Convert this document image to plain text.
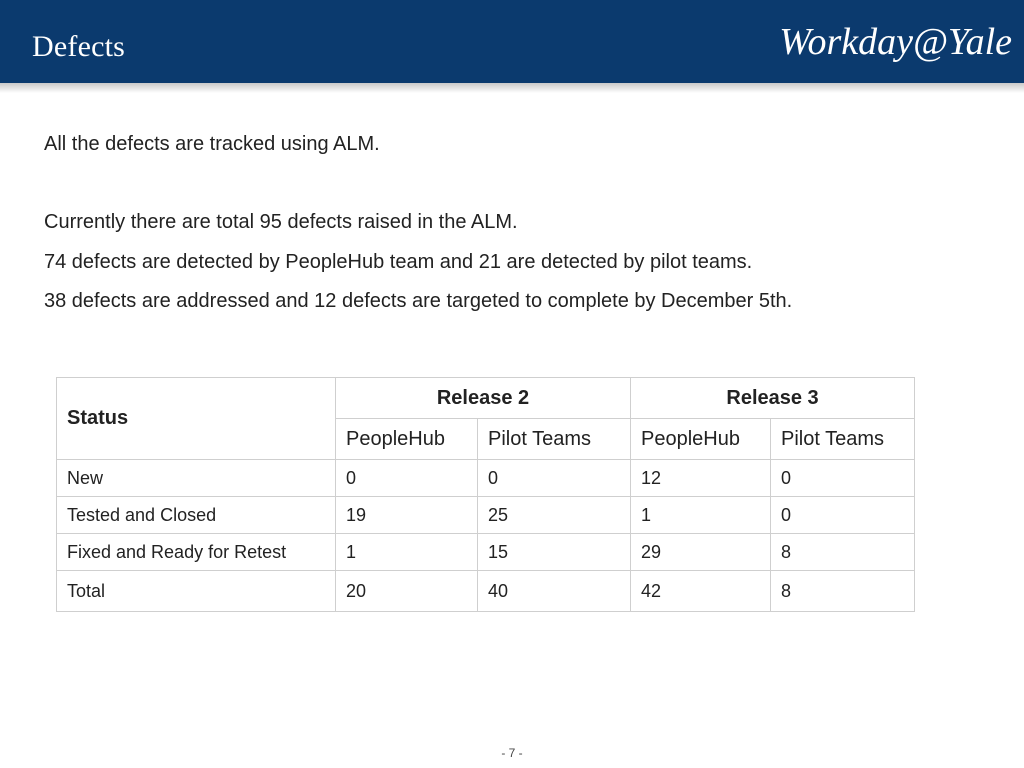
Defects	Workday@Yale
All the defects are tracked using ALM.
Currently there are total 95 defects raised in the ALM.
74 defects are detected by PeopleHub team and 21 are detected by pilot teams.
38 defects are addressed and 12 defects are targeted to complete by December 5th.
Status	Release 2		Release 3	
	PeopleHub	Pilot Teams	PeopleHub	Pilot Teams
New	0	0	12	0
Tested and Closed	19	25	1	0
Fixed and Ready for Retest	1	15	29	8
Total	20	40	42	8
- 7 -
